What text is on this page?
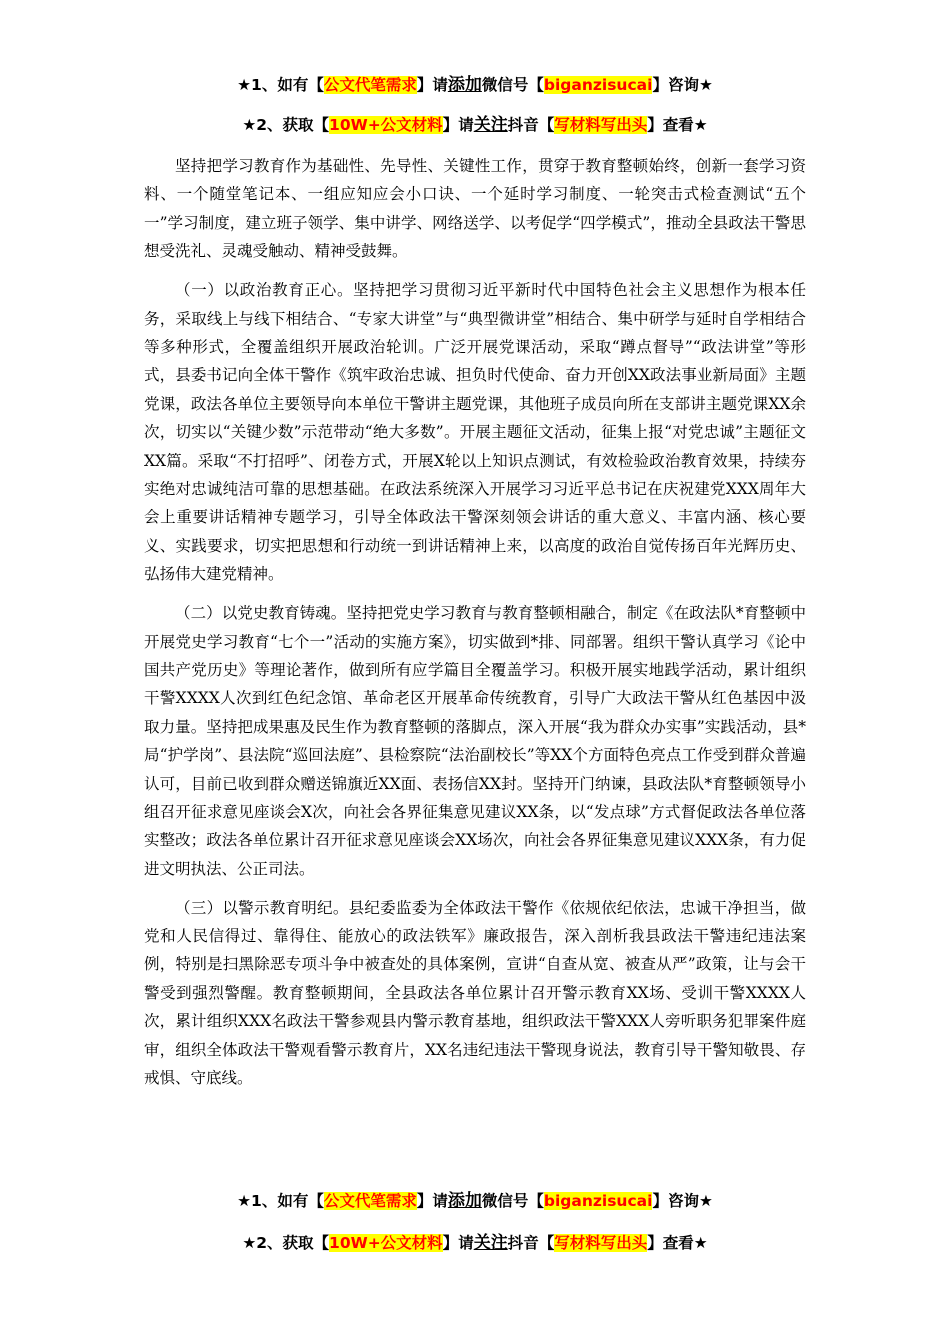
★1、如有【公文代笔需求】请添加微信号【biganzisucai】咨询★
★2、获取【10W+公文材料】请关注抖音【写材料写出头】查看★

坚持把学习教育作为基础性、先导性、关键性工作，贯穿于教育整顿始终，创新一套学习资料、一个随堂笔记本、一组应知应会小口诀、一个延时学习制度、一轮突击式检查测试“五个一”学习制度，建立班子领学、集中讲学、网络送学、以考促学“四学模式”，推动全县政法干警思想受洗礼、灵魂受触动、精神受鼓舞。

（一）以政治教育正心。坚持把学习贯彻习近平新时代中国特色社会主义思想作为根本任务，采取线上与线下相结合、“专家大讲堂”与“典型微讲堂”相结合、集中研学与延时自学相结合等多种形式，全覆盖组织开展政治轮训。广泛开展党课活动，采取“蹲点督导”“政法讲堂”等形式，县委书记向全体干警作《筑牢政治忠诚、担负时代使命、奋力开创XX政法事业新局面》主题党课，政法各单位主要领导向本单位干警讲主题党课，其他班子成员向所在支部讲主题党课XX余次，切实以“关键少数”示范带动“绝大多数”。开展主题征文活动，征集上报“对党忠诚”主题征文XX篇。采取“不打招呼”、闭卷方式，开展X轮以上知识点测试，有效检验政治教育效果，持续夯实绝对忠诚纯洁可靠的思想基础。在政法系统深入开展学习习近平总书记在庆祝建党XXX周年大会上重要讲话精神专题学习，引导全体政法干警深刻领会讲话的重大意义、丰富内涵、核心要义、实践要求，切实把思想和行动统一到讲话精神上来，以高度的政治自觉传扬百年光辉历史、弘扬伟大建党精神。

（二）以党史教育铸魂。坚持把党史学习教育与教育整顿相融合，制定《在政法队*育整顿中开展党史学习教育“七个一”活动的实施方案》，切实做到*排、同部署。组织干警认真学习《论中国共产党历史》等理论著作，做到所有应学篇目全覆盖学习。积极开展实地践学活动，累计组织干警XXXX人次到红色纪念馆、革命老区开展革命传统教育，引导广大政法干警从红色基因中汲取力量。坚持把成果惠及民生作为教育整顿的落脚点，深入开展“我为群众办实事”实践活动，县*局“护学岗”、县法院“巡回法庭”、县检察院“法治副校长”等XX个方面特色亮点工作受到群众普遍认可，目前已收到群众赠送锦旗近XX面、表扬信XX封。坚持开门纳谏，县政法队*育整顿领导小组召开征求意见座谈会X次，向社会各界征集意见建议XX条，以“发点球”方式督促政法各单位落实整改；政法各单位累计召开征求意见座谈会XX场次，向社会各界征集意见建议XXX条，有力促进文明执法、公正司法。

（三）以警示教育明纪。县纪委监委为全体政法干警作《依规依纪依法，忠诚干净担当，做党和人民信得过、靠得住、能放心的政法铁军》廉政报告，深入剖析我县政法干警违纪违法案例，特别是扫黑除恶专项斗争中被查处的具体案例，宣讲“自查从宽、被查从严”政策，让与会干警受到强烈警醒。教育整顿期间，全县政法各单位累计召开警示教育XX场、受训干警XXXX人次，累计组织XXX名政法干警参观县内警示教育基地，组织政法干警XXX人旁听职务犯罪案件庭审，组织全体政法干警观看警示教育片，XX名违纪违法干警现身说法，教育引导干警知敬畏、存戒惧、守底线。

★1、如有【公文代笔需求】请添加微信号【biganzisucai】咨询★
★2、获取【10W+公文材料】请关注抖音【写材料写出头】查看★
